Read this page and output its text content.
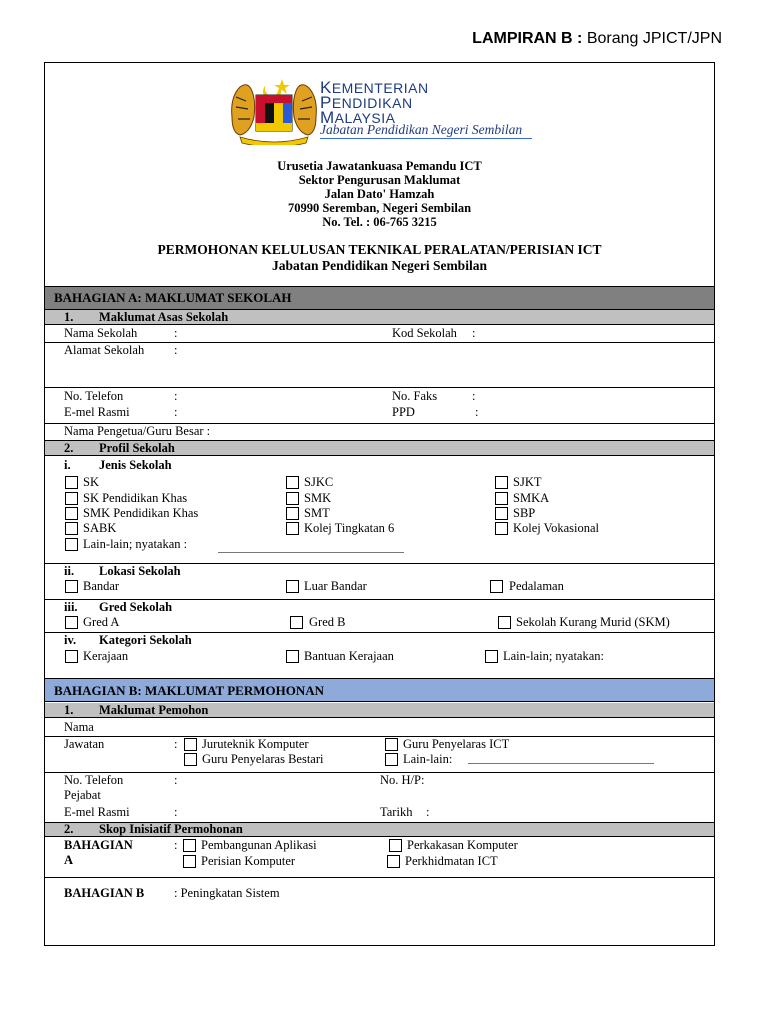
LAMPIRAN B : Borang JPICT/JPN
KEMENTERIAN
PENDIDIKAN
MALAYSIA
Jabatan Pendidikan Negeri Sembilan
Urusetia Jawatankuasa Pemandu ICT
Sektor Pengurusan Maklumat
Jalan Dato' Hamzah
70990 Seremban, Negeri Sembilan
No. Tel. : 06-765 3215
PERMOHONAN KELULUSAN TEKNIKAL PERALATAN/PERISIAN ICT
Jabatan Pendidikan Negeri Sembilan
BAHAGIAN A: MAKLUMAT SEKOLAH
1. Maklumat Asas Sekolah
Nama Sekolah	:	Kod Sekolah :
Alamat Sekolah :
No. Telefon	:	No. Faks	:
E-mel Rasmi	:	PPD	:
Nama Pengetua/Guru Besar :
2. Profil Sekolah
i. Jenis Sekolah
SK	SJKC	SJKT
SK Pendidikan Khas	SMK	SMKA
SMK Pendidikan Khas	SMT	SBP
SABK	Kolej Tingkatan 6	Kolej Vokasional
Lain-lain; nyatakan :
ii. Lokasi Sekolah
Bandar	Luar Bandar	Pedalaman
iii. Gred Sekolah
Gred A	Gred B	Sekolah Kurang Murid (SKM)
iv. Kategori Sekolah
Kerajaan	Bantuan Kerajaan	Lain-lain; nyatakan:
BAHAGIAN B: MAKLUMAT PERMOHONAN
1. Maklumat Pemohon
Nama
Jawatan	: Juruteknik Komputer	Guru Penyelaras ICT
Guru Penyelaras Bestari	Lain-lain:
No. Telefon	:	No. H/P:
Pejabat
E-mel Rasmi	:	Tarikh :
2. Skop Inisiatif Permohonan
BAHAGIAN
A
: Pembangunan Aplikasi	Perkakasan Komputer
Perisian Komputer	Perkhidmatan ICT
BAHAGIAN B : Peningkatan Sistem
